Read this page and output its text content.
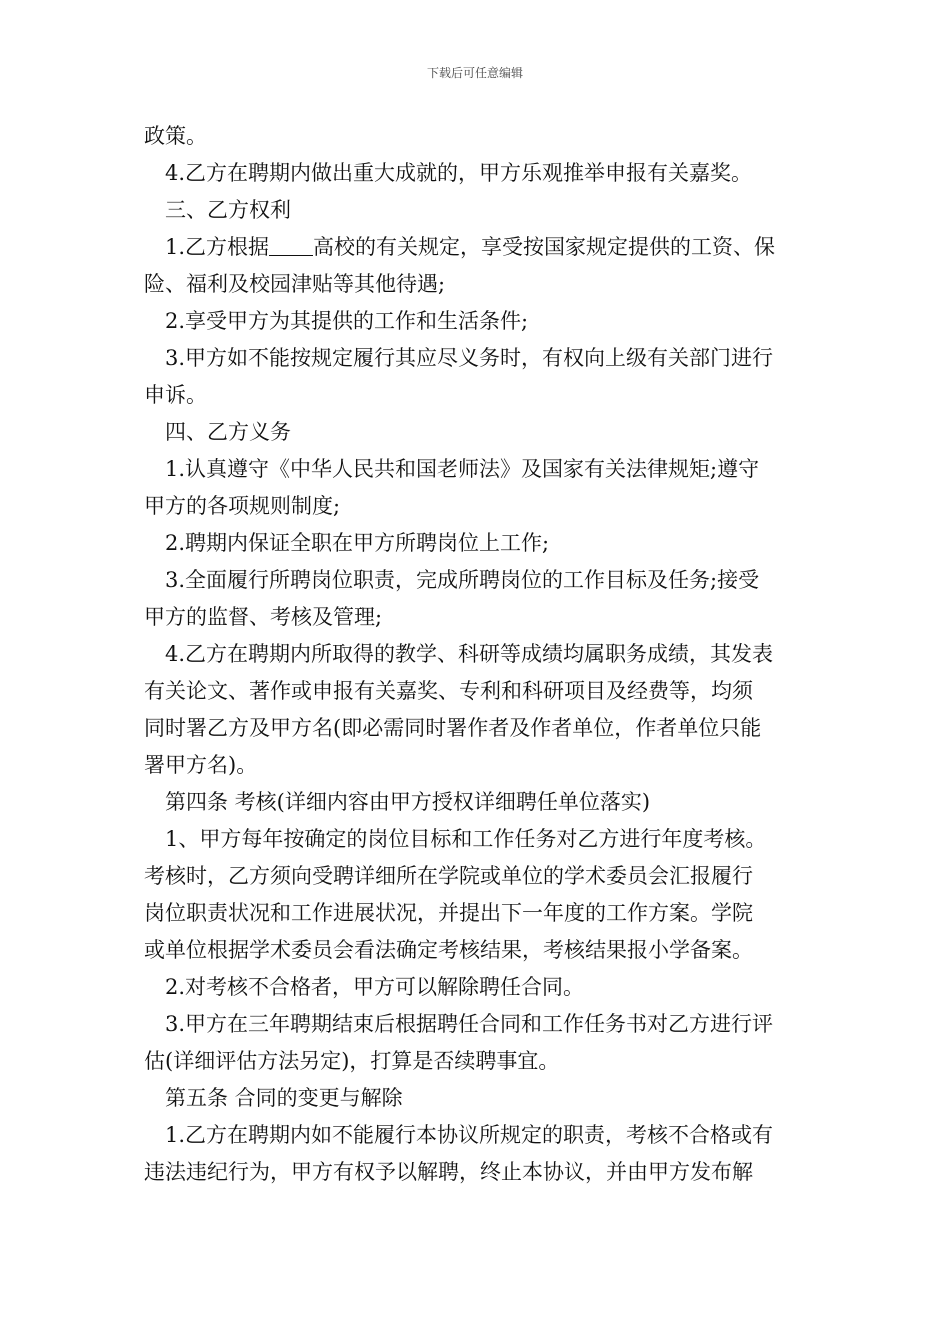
下载后可任意编辑
政策。
4.乙方在聘期内做出重大成就的，甲方乐观推举申报有关嘉奖。
三、乙方权利
1.乙方根据 高校的有关规定，享受按国家规定提供的工资、保
险、福利及校园津贴等其他待遇;
2.享受甲方为其提供的工作和生活条件;
3.甲方如不能按规定履行其应尽义务时，有权向上级有关部门进行
申诉。
四、乙方义务
1.认真遵守《中华人民共和国老师法》及国家有关法律规矩;遵守
甲方的各项规则制度;
2.聘期内保证全职在甲方所聘岗位上工作;
3.全面履行所聘岗位职责，完成所聘岗位的工作目标及任务;接受
甲方的监督、考核及管理;
4.乙方在聘期内所取得的教学、科研等成绩均属职务成绩，其发表
有关论文、著作或申报有关嘉奖、专利和科研项目及经费等，均须
同时署乙方及甲方名(即必需同时署作者及作者单位，作者单位只能
署甲方名)。
第四条 考核(详细内容由甲方授权详细聘任单位落实)
1、甲方每年按确定的岗位目标和工作任务对乙方进行年度考核。
考核时，乙方须向受聘详细所在学院或单位的学术委员会汇报履行
岗位职责状况和工作进展状况，并提出下一年度的工作方案。学院
或单位根据学术委员会看法确定考核结果，考核结果报小学备案。
2.对考核不合格者，甲方可以解除聘任合同。
3.甲方在三年聘期结束后根据聘任合同和工作任务书对乙方进行评
估(详细评估方法另定)，打算是否续聘事宜。
第五条 合同的变更与解除
1.乙方在聘期内如不能履行本协议所规定的职责，考核不合格或有
违法违纪行为，甲方有权予以解聘，终止本协议，并由甲方发布解
